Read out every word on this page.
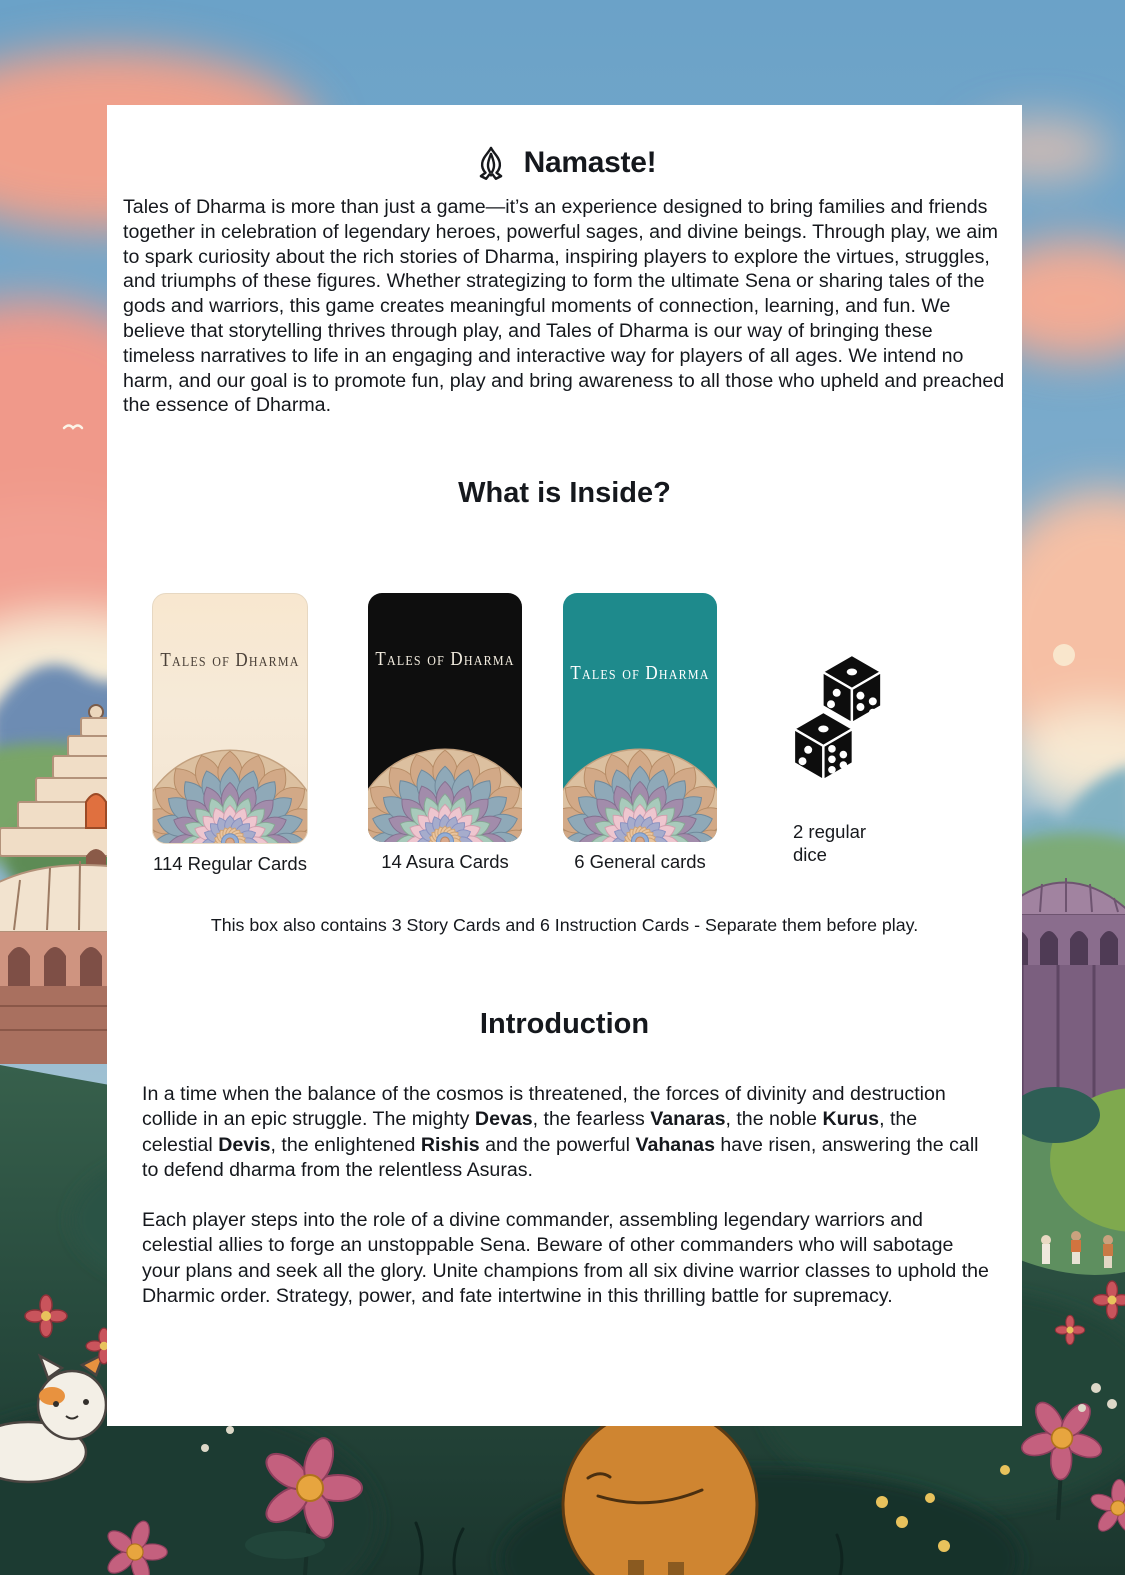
Namaste!

Tales of Dharma is more than just a game—it’s an experience designed to bring families and friends together in celebration of legendary heroes, powerful sages, and divine beings. Through play, we aim to spark curiosity about the rich stories of Dharma, inspiring players to explore the virtues, struggles, and triumphs of these figures. Whether strategizing to form the ultimate Sena or sharing tales of the gods and warriors, this game creates meaningful moments of connection, learning, and fun. We believe that storytelling thrives through play, and Tales of Dharma is our way of bringing these timeless narratives to life in an engaging and interactive way for players of all ages. We intend no harm, and our goal is to promote fun, play and bring awareness to all those who upheld and preached the essence of Dharma.

What is Inside?
Tales of Dharma
114 Regular Cards
Tales of Dharma
14 Asura Cards
Tales of Dharma
6 General cards
2 regular dice

This box also contains 3 Story Cards and 6 Instruction Cards - Separate them before play.

Introduction

In a time when the balance of the cosmos is threatened, the forces of divinity and destruction collide in an epic struggle. The mighty Devas, the fearless Vanaras, the noble Kurus, the celestial Devis, the enlightened Rishis and the powerful Vahanas have risen, answering the call to defend dharma from the relentless Asuras.

Each player steps into the role of a divine commander, assembling legendary warriors and celestial allies to forge an unstoppable Sena. Beware of other commanders who will sabotage your plans and seek all the glory. Unite champions from all six divine warrior classes to uphold the Dharmic order. Strategy, power, and fate intertwine in this thrilling battle for supremacy.
